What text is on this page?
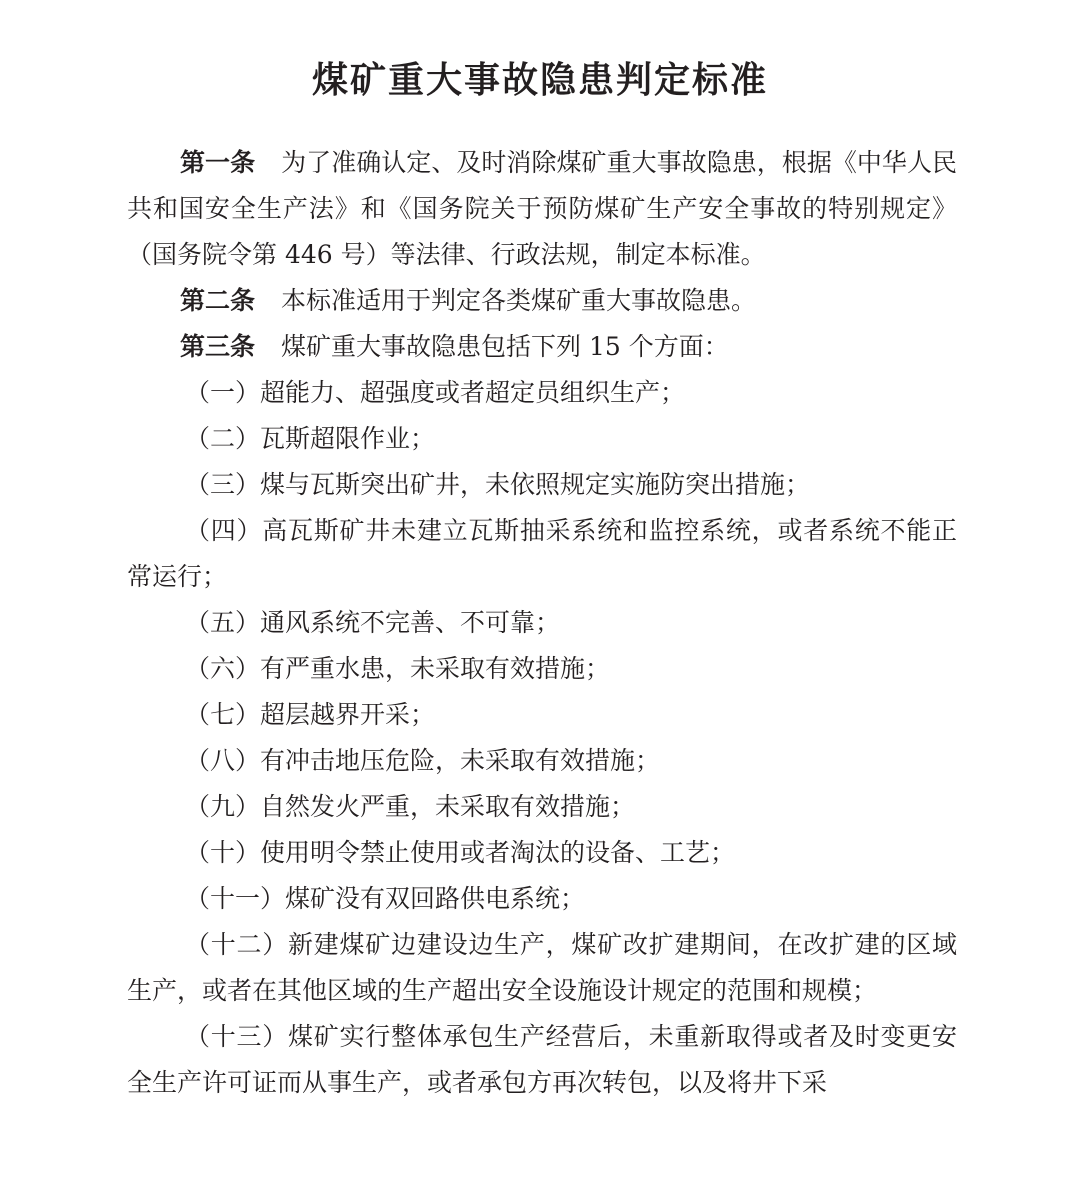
煤矿重大事故隐患判定标准

第一条 为了准确认定、及时消除煤矿重大事故隐患，根据《中华人民共和国安全生产法》和《国务院关于预防煤矿生产安全事故的特别规定》（国务院令第 446 号）等法律、行政法规，制定本标准。

第二条 本标准适用于判定各类煤矿重大事故隐患。

第三条 煤矿重大事故隐患包括下列 15 个方面：

（一）超能力、超强度或者超定员组织生产；

（二）瓦斯超限作业；

（三）煤与瓦斯突出矿井，未依照规定实施防突出措施；

（四）高瓦斯矿井未建立瓦斯抽采系统和监控系统，或者系统不能正常运行；

（五）通风系统不完善、不可靠；

（六）有严重水患，未采取有效措施；

（七）超层越界开采；

（八）有冲击地压危险，未采取有效措施；

（九）自然发火严重，未采取有效措施；

（十）使用明令禁止使用或者淘汰的设备、工艺；

（十一）煤矿没有双回路供电系统；

（十二）新建煤矿边建设边生产，煤矿改扩建期间，在改扩建的区域生产，或者在其他区域的生产超出安全设施设计规定的范围和规模；

（十三）煤矿实行整体承包生产经营后，未重新取得或者及时变更安全生产许可证而从事生产，或者承包方再次转包，以及将井下采
